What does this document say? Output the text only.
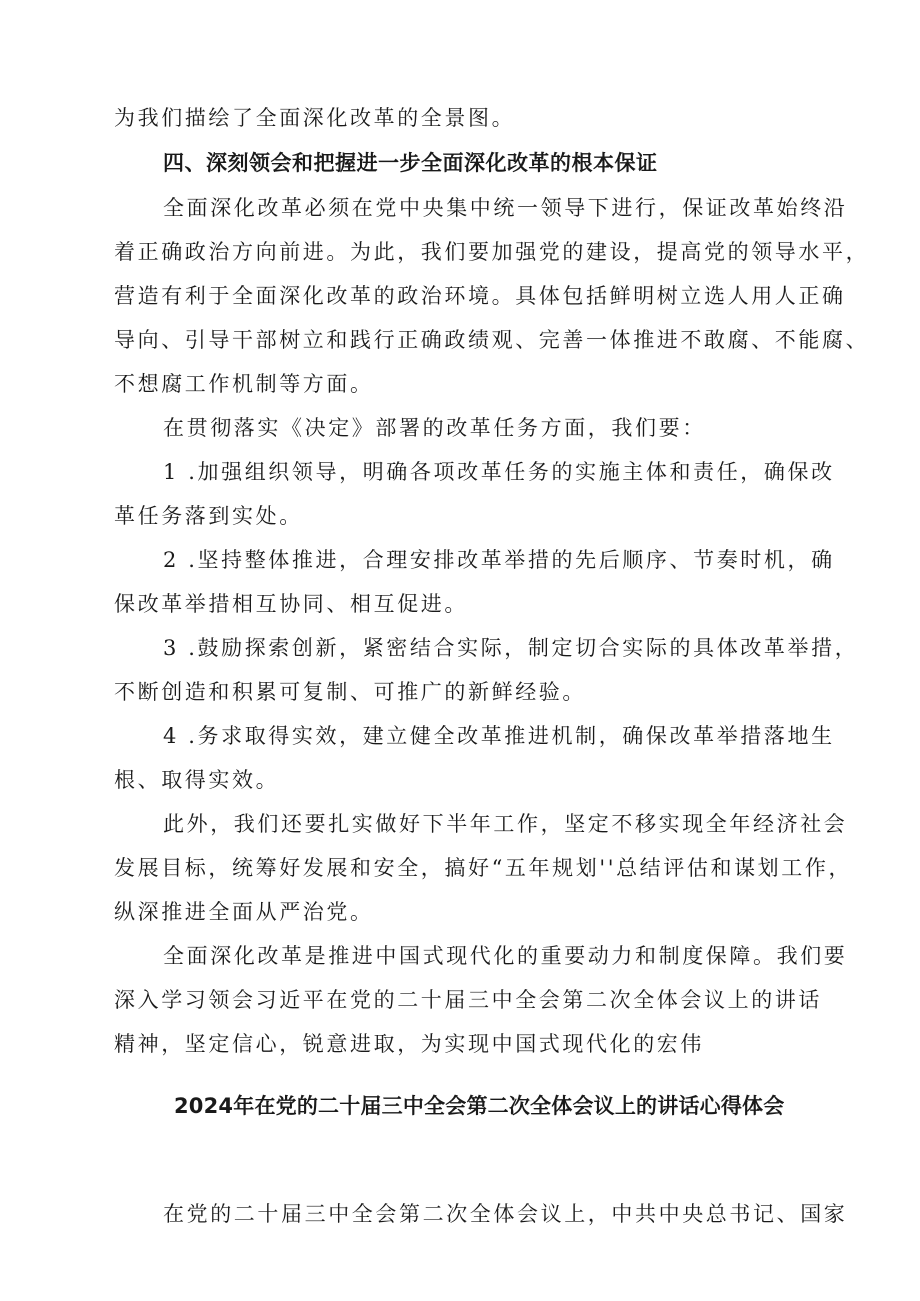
为我们描绘了全面深化改革的全景图。

四、深刻领会和把握进一步全面深化改革的根本保证

全面深化改革必须在党中央集中统一领导下进行，保证改革始终沿

着正确政治方向前进。为此，我们要加强党的建设，提高党的领导水平，

营造有利于全面深化改革的政治环境。具体包括鲜明树立选人用人正确

导向、引导干部树立和践行正确政绩观、完善一体推进不敢腐、不能腐、

不想腐工作机制等方面。

在贯彻落实《决定》部署的改革任务方面，我们要：

1 .加强组织领导，明确各项改革任务的实施主体和责任，确保改

革任务落到实处。

2 .坚持整体推进，合理安排改革举措的先后顺序、节奏时机，确

保改革举措相互协同、相互促进。

3 .鼓励探索创新，紧密结合实际，制定切合实际的具体改革举措，

不断创造和积累可复制、可推广的新鲜经验。

4 .务求取得实效，建立健全改革推进机制，确保改革举措落地生

根、取得实效。

此外，我们还要扎实做好下半年工作，坚定不移实现全年经济社会

发展目标，统筹好发展和安全，搞好“五年规划''总结评估和谋划工作，

纵深推进全面从严治党。

全面深化改革是推进中国式现代化的重要动力和制度保障。我们要

深入学习领会习近平在党的二十届三中全会第二次全体会议上的讲话

精神，坚定信心，锐意进取，为实现中国式现代化的宏伟

2024年在党的二十届三中全会第二次全体会议上的讲话心得体会

在党的二十届三中全会第二次全体会议上，中共中央总书记、国家
